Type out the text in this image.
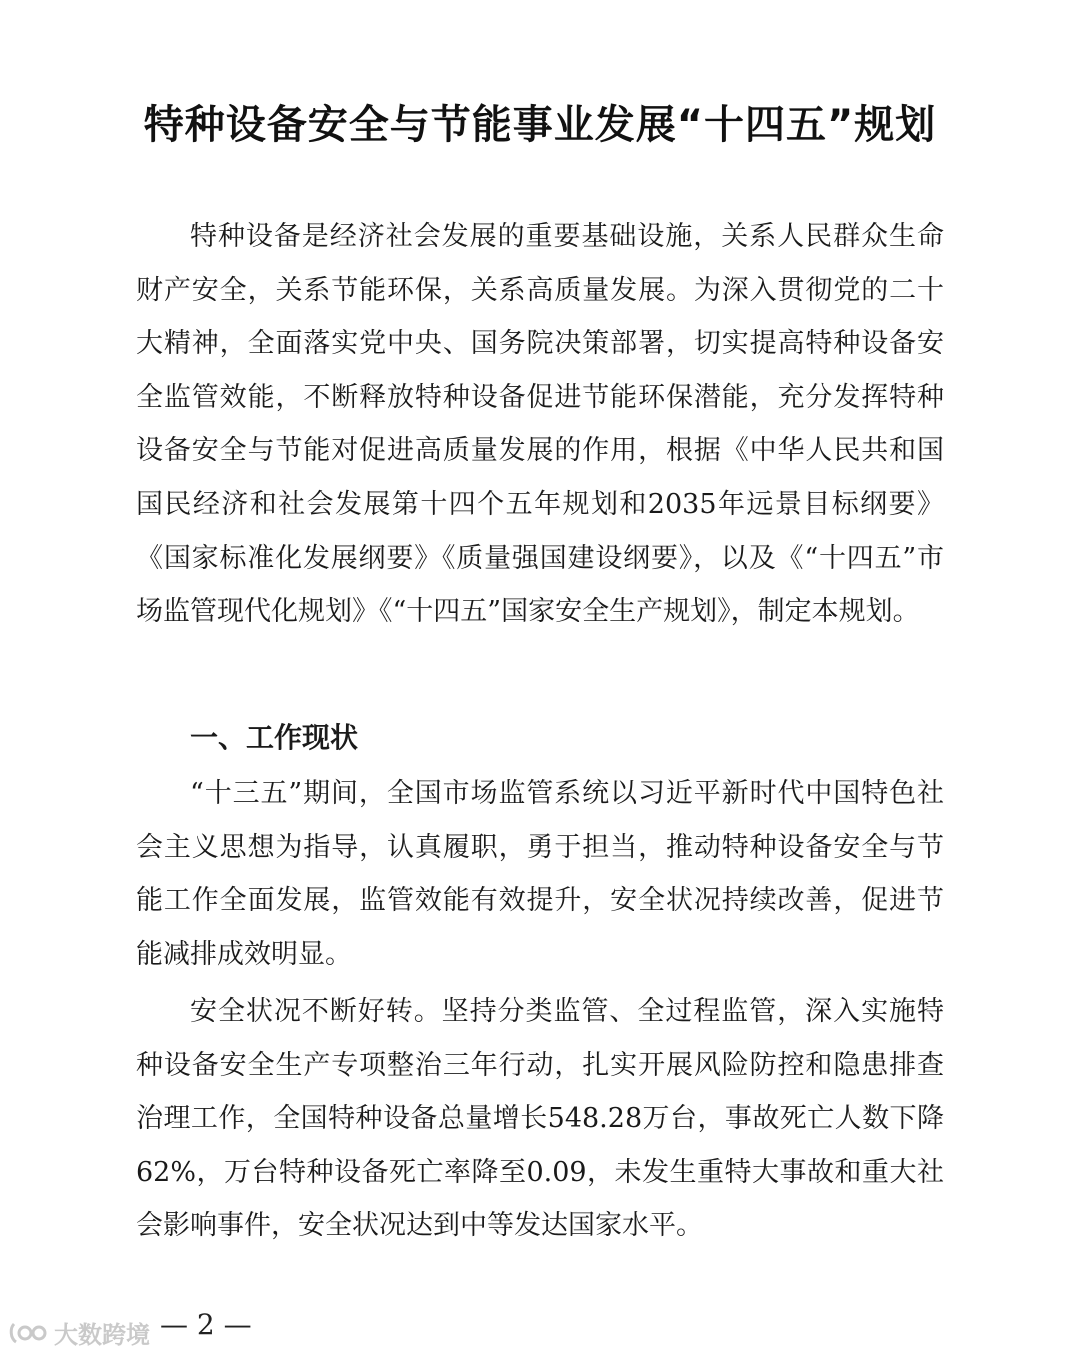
特种设备安全与节能事业发展“十四五”规划

特种设备是经济社会发展的重要基础设施，关系人民群众生命财产安全，关系节能环保，关系高质量发展。为深入贯彻党的二十大精神，全面落实党中央、国务院决策部署，切实提高特种设备安全监管效能，不断释放特种设备促进节能环保潜能，充分发挥特种设备安全与节能对促进高质量发展的作用，根据《中华人民共和国国民经济和社会发展第十四个五年规划和2035年远景目标纲要》《国家标准化发展纲要》《质量强国建设纲要》，以及《“十四五”市场监管现代化规划》《“十四五”国家安全生产规划》，制定本规划。

一、工作现状

“十三五”期间，全国市场监管系统以习近平新时代中国特色社会主义思想为指导，认真履职，勇于担当，推动特种设备安全与节能工作全面发展，监管效能有效提升，安全状况持续改善，促进节能减排成效明显。

安全状况不断好转。坚持分类监管、全过程监管，深入实施特种设备安全生产专项整治三年行动，扎实开展风险防控和隐患排查治理工作，全国特种设备总量增长548.28万台，事故死亡人数下降62%，万台特种设备死亡率降至0.09，未发生重特大事故和重大社会影响事件，安全状况达到中等发达国家水平。

— 2 —
大数跨境
